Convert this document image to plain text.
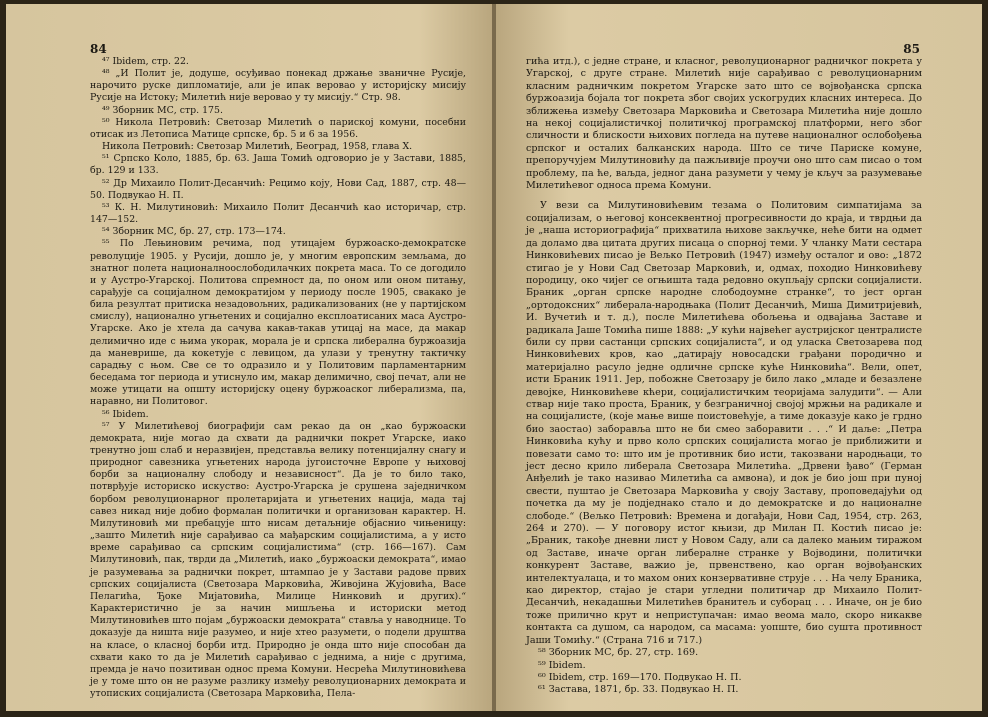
84

⁴⁷ Ibidem, стр. 22.

⁴⁸ „И Полит је, додуше, осуђивао понекад држање званичне Русије, нарочито руске дипломатије, али је ипак веровао у историјску мисију Русије на Истоку; Милетић није веровао у ту мисију.“ Стр. 98.

⁴⁹ Зборник МС, стр. 175.

⁵⁰ Никола Петровић: Светозар Милетић о париској комуни, посебни отисак из Летописа Матице српске, бр. 5 и 6 за 1956.

Никола Петровић: Светозар Милетић, Београд, 1958, глава Х.

⁵¹ Српско Коло, 1885, бр. 63. Јаша Томић одговорио је у Застави, 1885, бр. 129 и 133.

⁵² Др Михаило Полит-Десанчић: Рецимо коју, Нови Сад, 1887, стр. 48—50. Подвукао Н. П.

⁵³ К. Н. Милутиновић: Михаило Полит Десанчић као историчар, стр. 147—152.

⁵⁴ Зборник МС, бр. 27, стр. 173—174.

⁵⁵ По Лењиновим речима, под утицајем буржоаско-демократске револуције 1905. у Русији, дошло је, у многим европским земљама, до знатног полета националноослободилачких покрета маса. То се догодило и у Аустро-Угарској. Политова спремност да, по оном или оном питању, сарађује са социјалном демократијом у периоду после 1905, свакако је била резултат притиска незадовољних, радикализованих (не у партијском смислу), национално угњетених и социјално експлоатисаних маса Аустро-Угарске. Ако је хтела да сачува какав-такав утицај на масе, да макар делимично иде с њима укорак, морала је и српска либерална буржоазија да маневрише, да кокетује с левицом, да улази у тренутну тактичку сарадњу с њом. Све се то одразило и у Политовим парламентарним беседама тог периода и утиснуло им, макар делимично, свој печат, али не може утицати на општу историјску оцену буржоаског либерализма, па, наравно, ни Политовог.

⁵⁶ Ibidem.

⁵⁷ У Милетићевој биографији сам рекао да он „као буржоаски демократа, није могао да схвати да раднички покрет Угарске, иако тренутно још слаб и неразвијен, представља велику потенцијалну снагу и природног савезника угњетених народа југоисточне Европе у њиховој борби за националну слободу и независност“. Да је то било тако, потврђује историско искуство: Аустро-Угарска је срушена заједничком борбом револуционарног пролетаријата и угњетених нација, мада тај савез никад није добио формалан политички и организован карактер. Н. Милутиновић ми пребацује што нисам детаљније објаснио чињеницу: „зашто Милетић није сарађивао са мађарским социјалистима, а у исто време сарађивао са српским социјалистима“ (стр. 166—167). Сам Милутиновић, пак, тврди да „Милетић, иако „буржоаски демократа“, имао је разумевања за раднички покрет, штампао је у Застави радове првих српских социјалиста (Светозара Марковића, Живојина Жујовића, Васе Пелагића, Ђоке Мијатовића, Милице Нинковић и других).“ Карактеристично је за начин мишљења и историски метод Милутиновићев што појам „буржоаски демократа“ ставља у наводнице. То доказује да ништа није разумео, и није хтео разумети, о подели друштва на класе, о класној борби итд. Природно је онда што није способан да схвати како то да је Милетић сарађивао с једнима, а није с другима, премда је начо позитиван однос према Комуни. Несрећа Милутиновићева је у томе што он не разуме разлику између револуционарних демократа и утописких социјалиста (Светозара Марковића, Пела-

85

гића итд.), с једне стране, и класног, револуционарног радничког покрета у Угарској, с друге стране. Милетић није сарађивао с револуционарним класним радничким покретом Угарске зато што се војвођанска српска буржоазија бојала тог покрета због својих ускогрудих класних интереса. До зближења између Светозара Марковића и Светозара Милетића није дошло на некој социјалистичкој политичкој програмској платформи, него због сличности и блискости њихових погледа на путеве националног ослобођења српског и осталих балканских народа. Што се тиче Париске комуне, препоручујем Милутиновићу да пажљивије проучи оно што сам писао о том проблему, па ће, ваљда, једног дана разумети у чему је кључ за разумевање Милетићевог односа према Комуни.

У вези са Милутиновићевим тезама о Политовим симпатијама за социјализам, о његовој консеквентној прогресивности до краја, и тврдњи да је „наша историографија“ прихватила њихове закључке, неће бити на одмет да доламо два цитата других писаца о спорној теми. У чланку Мати сестара Нинковићевих писао је Вељко Петровић (1947) између осталог и ово: „1872 стигао је у Нови Сад Светозар Марковић, и, одмах, походио Нинковићеву породицу, око чијег се огњишта тада редовно окупљају српски социјалисти. Браник „орган српске народне слободоумне странке“, то јест орган „ортодоксних“ либерала-народњака (Полит Десанчић, Миша Димитријевић, И. Вучетић и т. д.), после Милетићева обољења и одвајања Заставе и радикала Јаше Томића пише 1888: „У кући највећег аустријског централисте били су први састанци српских социјалиста“, и од уласка Светозарева под Нинковићевих кров, као „датирају новосадски грађани породично и материјално расуло једне одличне српске куће Нинковића“. Вели, опет, исти Браник 1911. Јер, побожне Светозару је било лако „младе и безазлене девојке, Нинковићеве кћери, социјалистичким теоријама залудити“. — Али ствар није тако проста, Браник, у безграничној својој мржњи на радикале и на социјалисте, (које мање више поистовећује, а тиме доказује како је грдно био заостао) заборавља што не би смео заборавити . . .“ И даље: „Петра Нинковића кућу и прво коло српских социјалиста могао је приближити и повезати само то: што им је противник био исти, такозвани народњаци, то јест десно крило либерала Светозара Милетића. „Дрвени ђаво“ (Герман Анђелић је тако називао Милетића са амвона), и док је био још при пуној свести, пуштао је Светозара Марковића у своју Заставу, проповедајући од почетка да му је подједнако стало и до демократске и до националне слободе.“ (Вељко Петровић: Времена и догађаји, Нови Сад, 1954, стр. 263, 264 и 270). — У поговору истог књизи, др Милан П. Костић писао је: „Браник, такође дневни лист у Новом Саду, али са далеко мањим тиражом од Заставе, иначе орган либералне странке у Војводини, политички конкурент Заставе, важио је, првенствено, као орган војвођанских интелектуалаца, и то махом оних конзервативне струје . . . На челу Браника, као директор, стајао је стари угледни политичар др Михаило Полит-Десанчић, некадашњи Милетићев бранитељ и суборац . . . Иначе, он је био тоже прилично крут и неприступачан: имао веома мало, скоро никакве контакта са душом, са народом, са масама: уопште, био сушта противност Јаши Томићу.“ (Страна 716 и 717.)

⁵⁸ Зборник МС, бр. 27, стр. 169.

⁵⁹ Ibidem.

⁶⁰ Ibidem, стр. 169—170. Подвукао Н. П.

⁶¹ Застава, 1871, бр. 33. Подвукао Н. П.
